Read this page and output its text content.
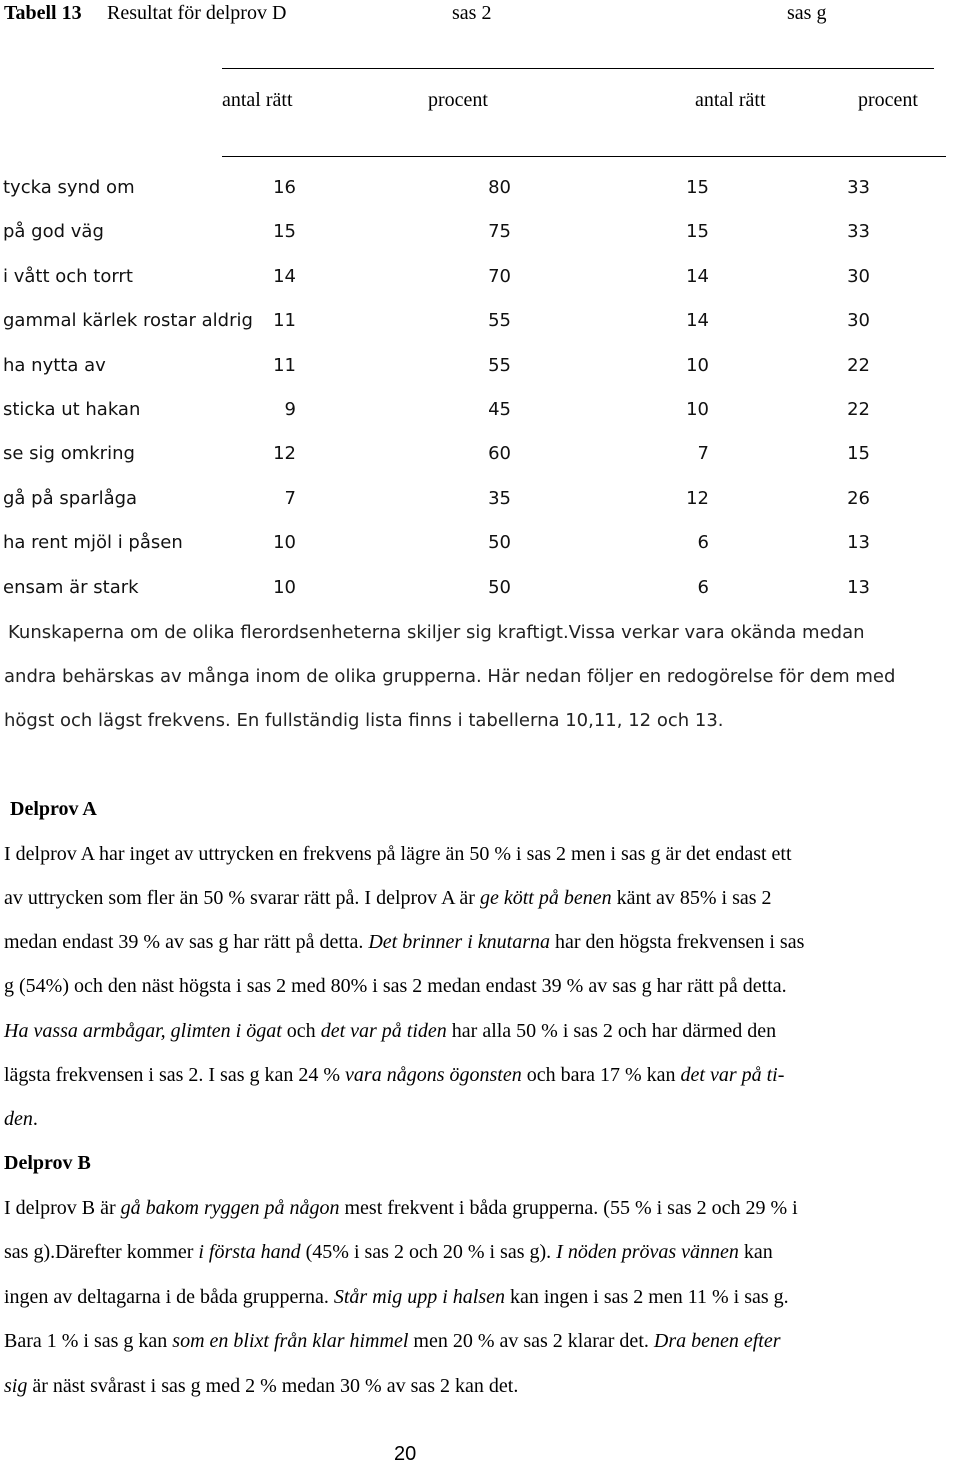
Tabell 13 Resultat för delprov D	sas 2	sas g
antal rätt	procent	antal rätt	procent
tycka synd om	16	80	15	33
på god väg	15	75	15	33
i vått och torrt	14	70	14	30
gammal kärlek rostar aldrig 11	55	14	30
ha nytta av	11	55	10	22
sticka ut hakan	9	45	10	22
se sig omkring	12	60	7	15
gå på sparlåga	7	35	12	26
ha rent mjöl i påsen	10	50	6	13
ensam är stark	10	50	6	13
Kunskaperna om de olika flerordsenheterna skiljer sig kraftigt.Vissa verkar vara okända medan
andra behärskas av många inom de olika grupperna. Här nedan följer en redogörelse för dem med
högst och lägst frekvens. En fullständig lista finns i tabellerna 10,11, 12 och 13.
Delprov A
I delprov A har inget av uttrycken en frekvens på lägre än 50 % i sas 2 men i sas g är det endast ett
av uttrycken som fler än 50 % svarar rätt på. I delprov A är ge kött på benen känt av 85% i sas 2
medan endast 39 % av sas g har rätt på detta. Det brinner i knutarna har den högsta frekvensen i sas
g (54%) och den näst högsta i sas 2 med 80% i sas 2 medan endast 39 % av sas g har rätt på detta.
Ha vassa armbågar, glimten i ögat och det var på tiden har alla 50 % i sas 2 och har därmed den
lägsta frekvensen i sas 2. I sas g kan 24 % vara någons ögonsten och bara 17 % kan det var på ti-
den.
Delprov B
I delprov B är gå bakom ryggen på någon mest frekvent i båda grupperna. (55 % i sas 2 och 29 % i
sas g).Därefter kommer i första hand (45% i sas 2 och 20 % i sas g). I nöden prövas vännen kan
ingen av deltagarna i de båda grupperna. Står mig upp i halsen kan ingen i sas 2 men 11 % i sas g.
Bara 1 % i sas g kan som en blixt från klar himmel men 20 % av sas 2 klarar det. Dra benen efter
sig är näst svårast i sas g med 2 % medan 30 % av sas 2 kan det.
20
